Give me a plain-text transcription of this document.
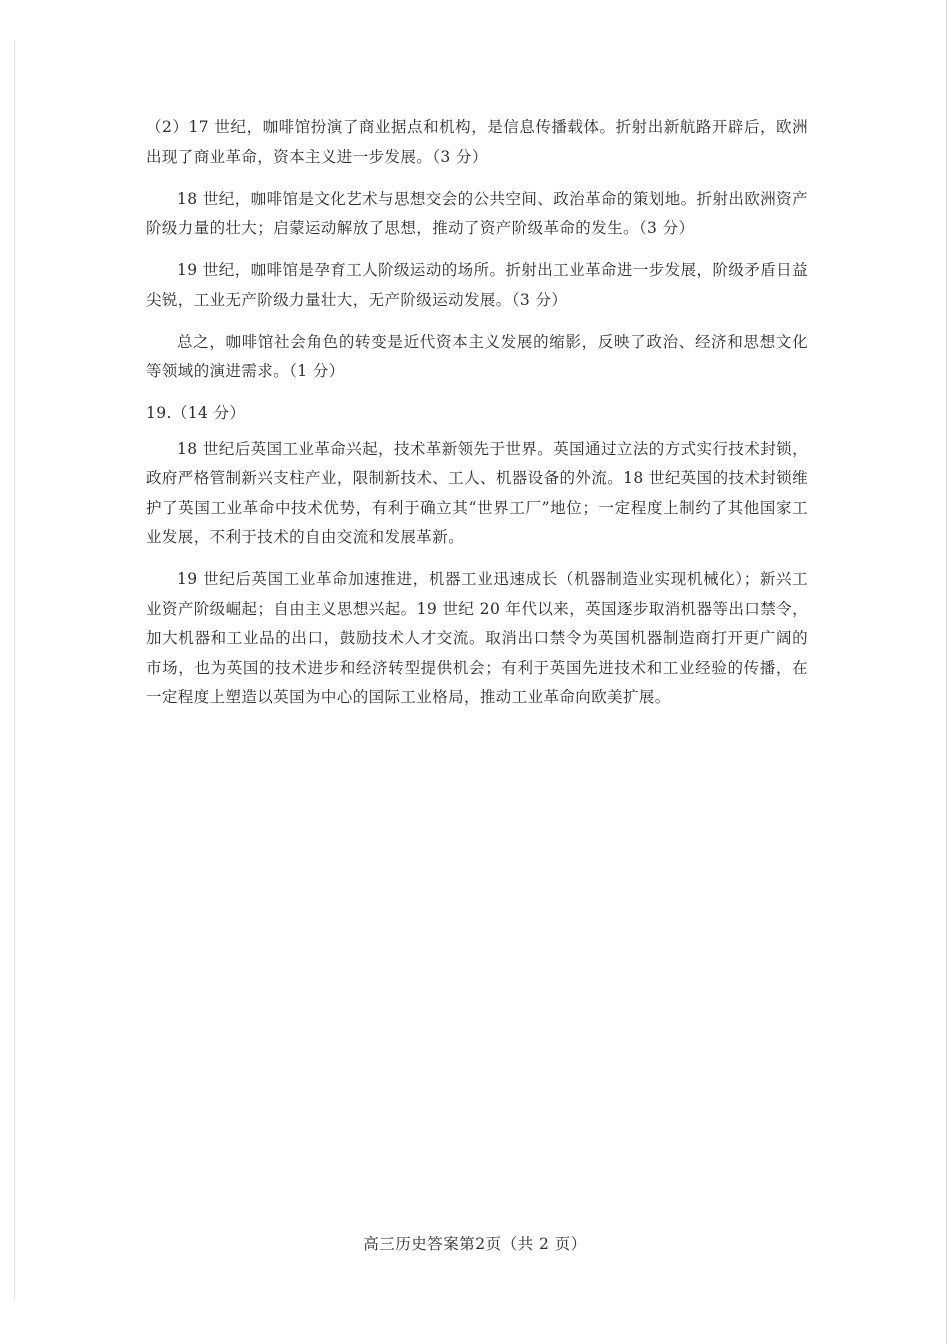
（2）17 世纪，咖啡馆扮演了商业据点和机构，是信息传播载体。折射出新航路开辟后，欧洲出现了商业革命，资本主义进一步发展。（3 分）

18 世纪，咖啡馆是文化艺术与思想交会的公共空间、政治革命的策划地。折射出欧洲资产阶级力量的壮大；启蒙运动解放了思想，推动了资产阶级革命的发生。（3 分）

19 世纪，咖啡馆是孕育工人阶级运动的场所。折射出工业革命进一步发展，阶级矛盾日益尖锐，工业无产阶级力量壮大，无产阶级运动发展。（3 分）

总之，咖啡馆社会角色的转变是近代资本主义发展的缩影，反映了政治、经济和思想文化等领域的演进需求。（1 分）

19.（14 分）

18 世纪后英国工业革命兴起，技术革新领先于世界。英国通过立法的方式实行技术封锁，政府严格管制新兴支柱产业，限制新技术、工人、机器设备的外流。18 世纪英国的技术封锁维护了英国工业革命中技术优势，有利于确立其“世界工厂”地位；一定程度上制约了其他国家工业发展，不利于技术的自由交流和发展革新。

19 世纪后英国工业革命加速推进，机器工业迅速成长（机器制造业实现机械化）；新兴工业资产阶级崛起；自由主义思想兴起。19 世纪 20 年代以来，英国逐步取消机器等出口禁令，加大机器和工业品的出口，鼓励技术人才交流。取消出口禁令为英国机器制造商打开更广阔的市场，也为英国的技术进步和经济转型提供机会；有利于英国先进技术和工业经验的传播，在一定程度上塑造以英国为中心的国际工业格局，推动工业革命向欧美扩展。

高三历史答案第2页（共 2 页）
